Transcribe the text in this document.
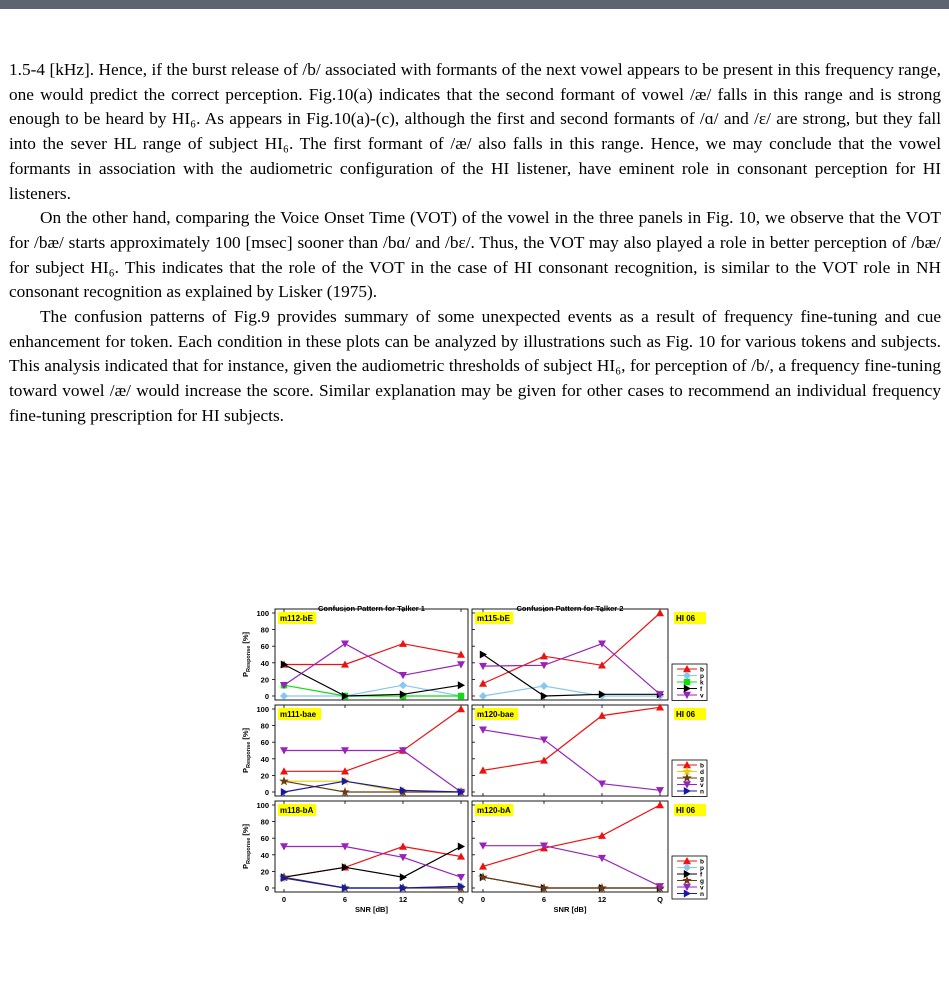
1.5-4 [kHz]. Hence, if the burst release of /b/ associated with formants of the next vowel appears to be present in this frequency range, one would predict the correct perception. Fig.10(a) indicates that the second formant of vowel /æ/ falls in this range and is strong enough to be heard by HI₆. As appears in Fig.10(a)-(c), although the first and second formants of /ɑ/ and /ɛ/ are strong, but they fall into the sever HL range of subject HI₆. The first formant of /æ/ also falls in this range. Hence, we may conclude that the vowel formants in association with the audiometric configuration of the HI listener, have eminent role in consonant perception for HI listeners.

On the other hand, comparing the Voice Onset Time (VOT) of the vowel in the three panels in Fig. 10, we observe that the VOT for /bæ/ starts approximately 100 [msec] sooner than /bɑ/ and /bɛ/. Thus, the VOT may also played a role in better perception of /bæ/ for subject HI₆. This indicates that the role of the VOT in the case of HI consonant recognition, is similar to the VOT role in NH consonant recognition as explained by Lisker (1975).

The confusion patterns of Fig.9 provides summary of some unexpected events as a result of frequency fine-tuning and cue enhancement for token. Each condition in these plots can be analyzed by illustrations such as Fig. 10 for various tokens and subjects. This analysis indicated that for instance, given the audiometric thresholds of subject HI₆, for perception of /b/, a frequency fine-tuning toward vowel /æ/ would increase the score. Similar explanation may be given for other cases to recommend an individual frequency fine-tuning prescription for HI subjects.

Confusion Pattern for Talker 1	Confusion Pattern for Talker 2
0
20
40
60
80
100
$P_{Response}$ [%]
m112-bE	m115-bE	HI 06
b
p
k
f
v
0
20
40
60
80
100
$P_{Response}$ [%]
m111-bae	m120-bae	HI 06
b
d
g
v
n
0
20
40
60
80
100
$P_{Response}$ [%]
m118-bA	m120-bA	HI 06
b
p
f
g
v
n
0	6	12	Q
SNR [dB]
0	6	12	Q
SNR [dB]
